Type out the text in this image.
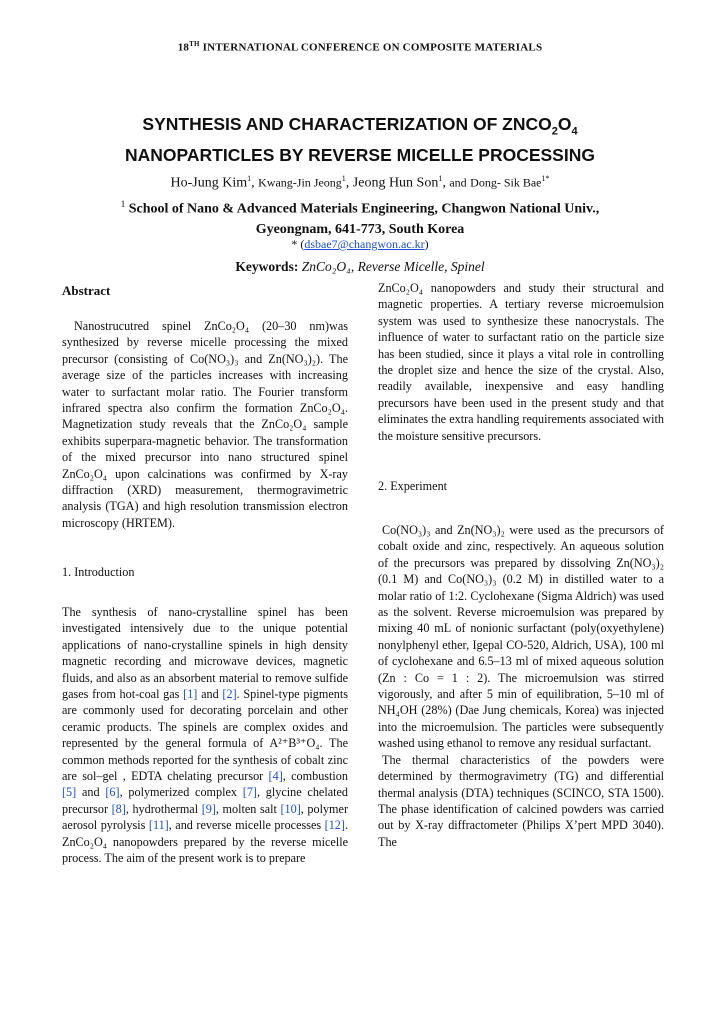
18TH INTERNATIONAL CONFERENCE ON COMPOSITE MATERIALS
SYNTHESIS AND CHARACTERIZATION OF $ZNCO_2O_4$
NANOPARTICLES BY REVERSE MICELLE PROCESSING
Ho-Jung Kim$^1$, Kwang-Jin Jeong$^1$, Jeong Hun Son$^1$, and Dong- Sik Bae$^{1*}$
$^1$ School of Nano & Advanced Materials Engineering, Changwon National Univ.,
Gyeongnam, 641-773, South Korea
* (dsbae7@changwon.ac.kr)
Keywords: ZnCo₂O₄, Reverse Micelle, Spinel
Abstract

Nanostrucutred spinel ZnCo₂O₄ (20–30 nm)was synthesized by reverse micelle processing the mixed precursor (consisting of Co(NO₃)₃ and Zn(NO₃)₂). The average size of the particles increases with increasing water to surfactant molar ratio. The Fourier transform infrared spectra also confirm the formation ZnCo₂O₄. Magnetization study reveals that the ZnCo₂O₄ sample exhibits superpara-magnetic behavior. The transformation of the mixed precursor into nano structured spinel ZnCo₂O₄ upon calcinations was confirmed by X-ray diffraction (XRD) measurement, thermogravimetric analysis (TGA) and high resolution transmission electron microscopy (HRTEM).

1. Introduction

The synthesis of nano-crystalline spinel has been investigated intensively due to the unique potential applications of nano-crystalline spinels in high density magnetic recording and microwave devices, magnetic fluids, and also as an absorbent material to remove sulfide gases from hot-coal gas [1] and [2]. Spinel-type pigments are commonly used for decorating porcelain and other ceramic products. The spinels are complex oxides and represented by the general formula of A²⁺B³⁺O₄. The common methods reported for the synthesis of cobalt zinc are sol–gel , EDTA chelating precursor [4], combustion [5] and [6], polymerized complex [7], glycine chelated precursor [8], hydrothermal [9], molten salt [10], polymer aerosol pyrolysis [11], and reverse micelle processes [12]. ZnCo₂O₄ nanopowders prepared by the reverse micelle process. The aim of the present work is to prepare

ZnCo₂O₄ nanopowders and study their structural and magnetic properties. A tertiary reverse microemulsion system was used to synthesize these nanocrystals. The influence of water to surfactant ratio on the particle size has been studied, since it plays a vital role in controlling the droplet size and hence the size of the crystal. Also, readily available, inexpensive and easy handling precursors have been used in the present study and that eliminates the extra handling requirements associated with the moisture sensitive precursors.

2. Experiment

Co(NO₃)₃ and Zn(NO₃)₂ were used as the precursors of cobalt oxide and zinc, respectively. An aqueous solution of the precursors was prepared by dissolving Zn(NO₃)₂ (0.1 M) and Co(NO₃)₃ (0.2 M) in distilled water to a molar ratio of 1:2. Cyclohexane (Sigma Aldrich) was used as the solvent. Reverse microemulsion was prepared by mixing 40 mL of nonionic surfactant (poly(oxyethylene) nonylphenyl ether, Igepal CO-520, Aldrich, USA), 100 ml of cyclohexane and 6.5–13 ml of mixed aqueous solution (Zn : Co = 1 : 2). The microemulsion was stirred vigorously, and after 5 min of equilibration, 5–10 ml of NH₄OH (28%) (Dae Jung chemicals, Korea) was injected into the microemulsion. The particles were subsequently washed using ethanol to remove any residual surfactant.

The thermal characteristics of the powders were determined by thermogravimetry (TG) and differential thermal analysis (DTA) techniques (SCINCO, STA 1500). The phase identification of calcined powders was carried out by X-ray diffractometer (Philips X’pert MPD 3040). The
